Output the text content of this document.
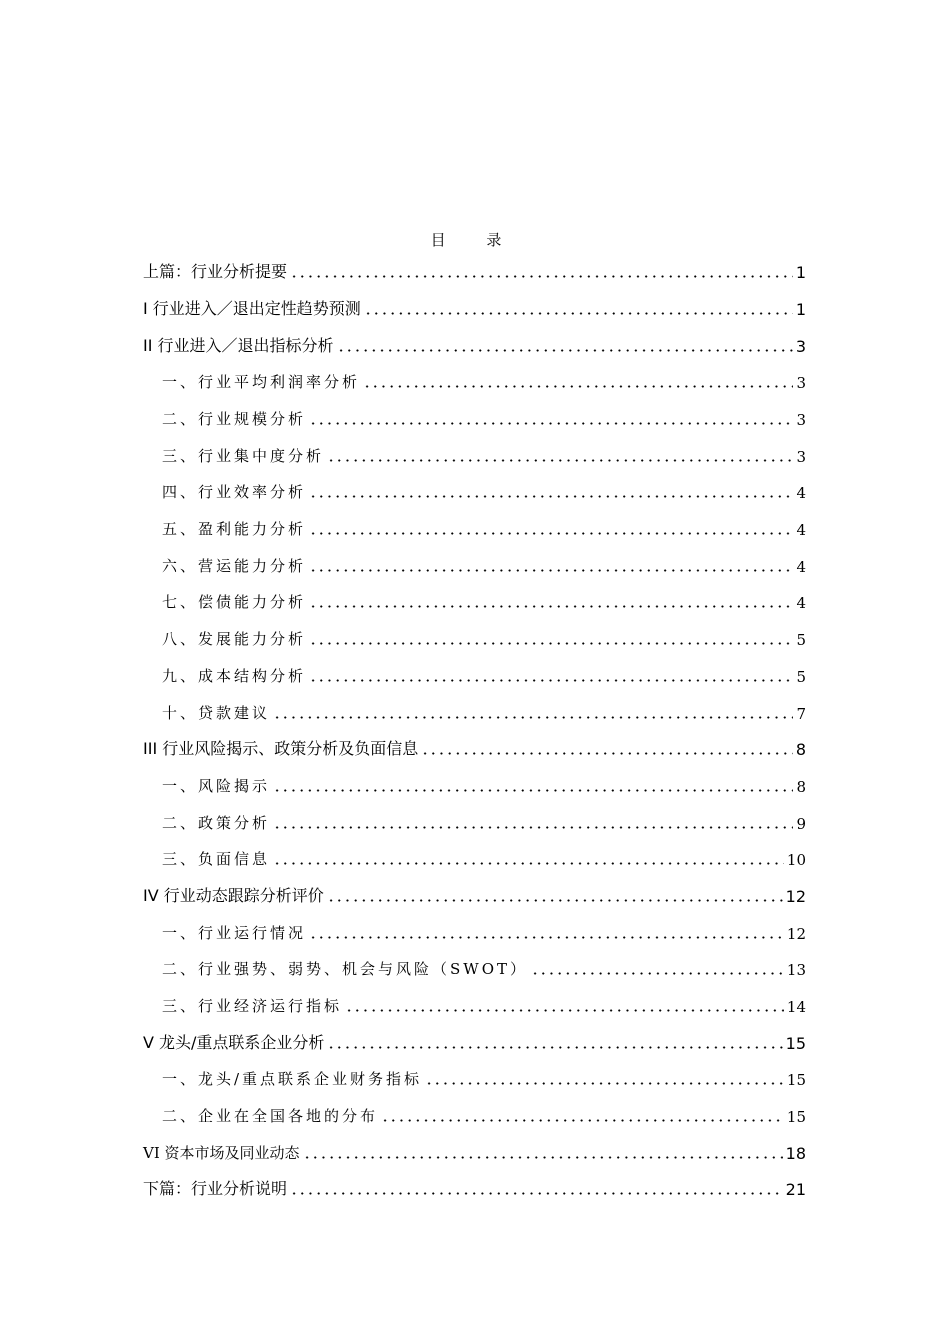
目 录
上篇：行业分析提要	1
I 行业进入／退出定性趋势预测	1
II 行业进入／退出指标分析	3
一、行业平均利润率分析	3
二、行业规模分析	3
三、行业集中度分析	3
四、行业效率分析	4
五、盈利能力分析	4
六、营运能力分析	4
七、偿债能力分析	4
八、发展能力分析	5
九、成本结构分析	5
十、贷款建议	7
III 行业风险揭示、政策分析及负面信息	8
一、风险揭示	8
二、政策分析	9
三、负面信息	10
IV 行业动态跟踪分析评价	12
一、行业运行情况	12
二、行业强势、弱势、机会与风险（SWOT）	13
三、行业经济运行指标	14
V 龙头/重点联系企业分析	15
一、龙头/重点联系企业财务指标	15
二、企业在全国各地的分布	15
VI 资本市场及同业动态	18
下篇：行业分析说明	21
